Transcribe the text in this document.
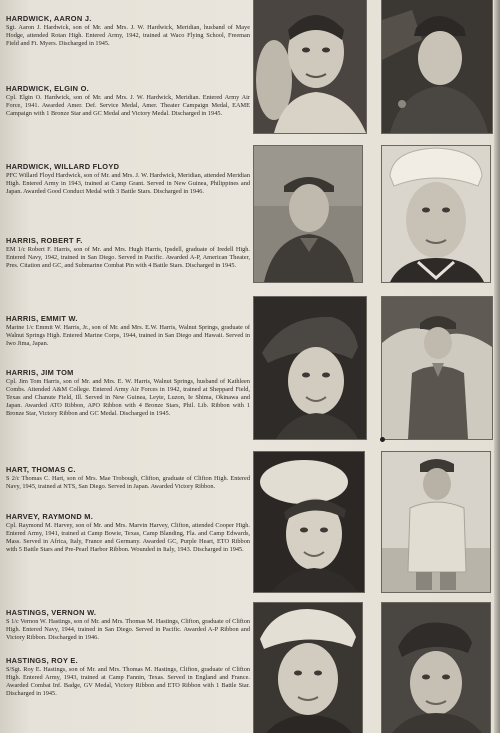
HARDWICK, AARON J.

Sgt. Aaron J. Hardwick, son of Mr. and Mrs. J. W. Hardwick, Meridian, husband of Maye Hodge, attended Rotan High. Entered Army, 1942, trained at Waco Flying School, Freeman Field and Ft. Myers. Discharged in 1945.

HARDWICK, ELGIN O.

Cpl. Elgin O. Hardwick, son of Mr. and Mrs. J. W. Hardwick, Meridian. Entered Army Air Force, 1941. Awarded Amer. Def. Service Medal, Amer. Theater Campaign Medal, EAME Campaign with 1 Bronze Star and GC Medal and Victory Medal. Discharged in 1945.

HARDWICK, WILLARD FLOYD

PFC Willard Floyd Hardwick, son of Mr. and Mrs. J. W. Hardwick, Meridian, attended Meridian High. Entered Army in 1943, trained at Camp Grant. Served in New Guinea, Philippines and Japan. Awarded Good Conduct Medal with 3 Battle Stars. Discharged in 1946.

HARRIS, ROBERT F.

EM 1/c Robert F. Harris, son of Mr. and Mrs. Hugh Harris, Ipsdell, graduate of Iredell High. Entered Navy, 1942, trained in San Diego. Served in Pacific. Awarded A-P, American Theater, Pres. Citation and GC, and Submarine Combat Pin with 4 Battle Stars. Discharged in 1945.

HARRIS, EMMIT W.

Marine 1/c Emmit W. Harris, Jr., son of Mr. and Mrs. E.W. Harris, Walnut Springs, graduate of Walnut Springs High. Entered Marine Corps, 1944, trained in San Diego and Hawaii. Served in Iwo Jima, Japan.

HARRIS, JIM TOM

Cpl. Jim Tom Harris, son of Mr. and Mrs. E. W. Harris, Walnut Springs, husband of Kathleen Combs. Attended A&M College. Entered Army Air Forces in 1942, trained at Sheppard Field, Texas and Chanute Field, Ill. Served in New Guinea, Leyte, Luzon, Ie Shima, Okinawa and Japan. Awarded ATO Ribbon, APO Ribbon with 4 Bronze Stars, Phil. Lib. Ribbon with 1 Bronze Star, Victory Ribbon and GC Medal. Discharged in 1945.

HART, THOMAS C.

S 2/c Thomas C. Hart, son of Mrs. Mae Trobough, Clifton, graduate of Clifton High. Entered Navy, 1945, trained at NTS, San Diego. Served in Japan. Awarded Victory Ribbon.

HARVEY, RAYMOND M.

Cpl. Raymond M. Harvey, son of Mr. and Mrs. Marvin Harvey, Clifton, attended Cooper High. Entered Army, 1941, trained at Camp Bowie, Texas, Camp Blanding, Fla. and Camp Edwards, Mass. Served in Africa, Italy, France and Germany. Awarded GC, Purple Heart, ETO Ribbon with 5 Battle Stars and Pre-Pearl Harbor Ribbon. Wounded in Italy, 1943. Discharged in 1945.

HASTINGS, VERNON W.

S 1/c Vernon W. Hastings, son of Mr. and Mrs. Thomas M. Hastings, Clifton, graduate of Clifton High. Entered Navy, 1944, trained in San Diego. Served in Pacific. Awarded A-P Ribbon and Victory Ribbon. Discharged in 1946.

HASTINGS, ROY E.

S/Sgt. Roy E. Hastings, son of Mr. and Mrs. Thomas M. Hastings, Clifton, graduate of Clifton High. Entered Army, 1943, trained at Camp Fannin, Texas. Served in England and France. Awarded Combat Inf. Badge, GV Medal, Victory Ribbon and ETO Ribbon with 1 Battle Star. Discharged in 1945.
